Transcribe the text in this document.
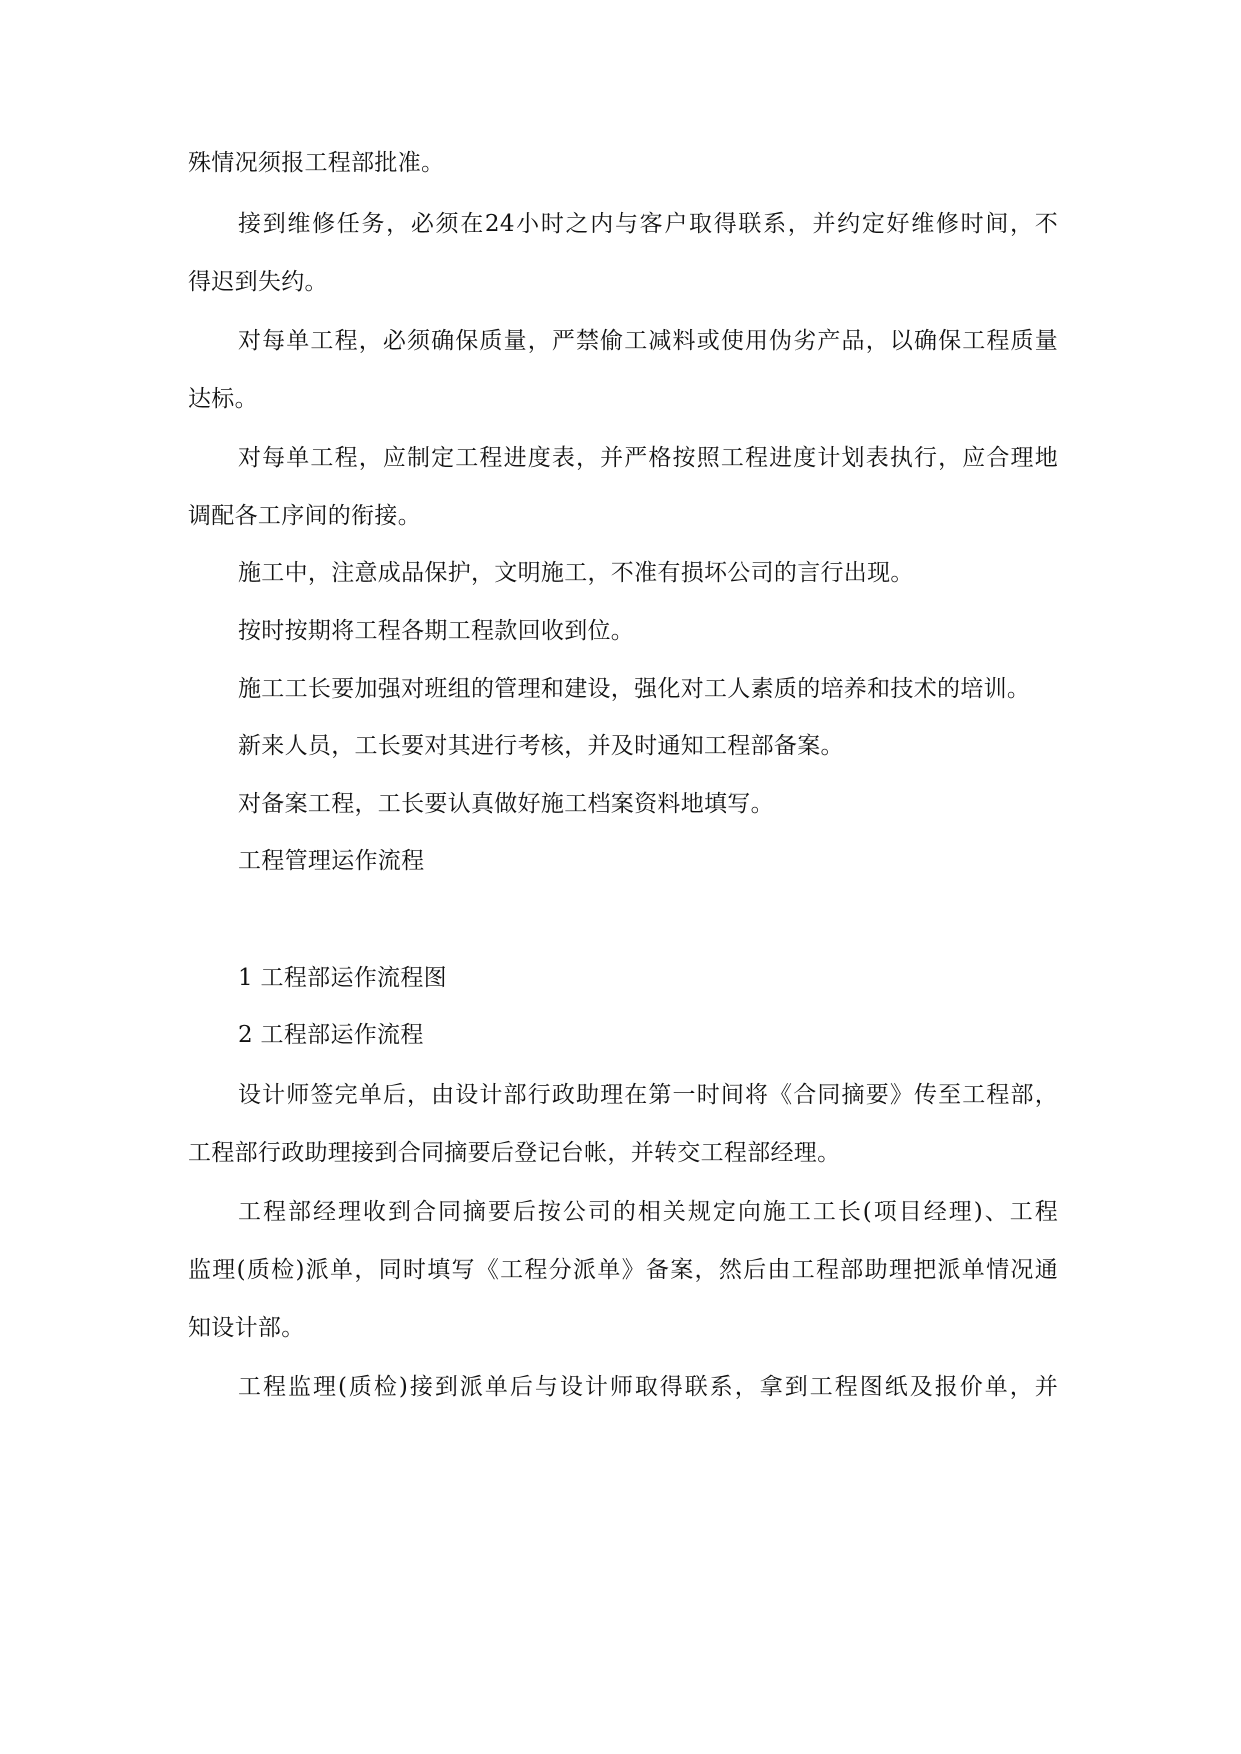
殊情况须报工程部批准。
接到维修任务，必须在24小时之内与客户取得联系，并约定好维修时间，不
得迟到失约。
对每单工程，必须确保质量，严禁偷工减料或使用伪劣产品，以确保工程质量
达标。
对每单工程，应制定工程进度表，并严格按照工程进度计划表执行，应合理地
调配各工序间的衔接。
施工中，注意成品保护，文明施工，不准有损坏公司的言行出现。
按时按期将工程各期工程款回收到位。
施工工长要加强对班组的管理和建设，强化对工人素质的培养和技术的培训。
新来人员，工长要对其进行考核，并及时通知工程部备案。
对备案工程，工长要认真做好施工档案资料地填写。
工程管理运作流程
1 工程部运作流程图
2 工程部运作流程
设计师签完单后，由设计部行政助理在第一时间将《合同摘要》传至工程部，
工程部行政助理接到合同摘要后登记台帐，并转交工程部经理。
工程部经理收到合同摘要后按公司的相关规定向施工工长(项目经理)、工程
监理(质检)派单，同时填写《工程分派单》备案，然后由工程部助理把派单情况通
知设计部。
工程监理(质检)接到派单后与设计师取得联系，拿到工程图纸及报价单，并
